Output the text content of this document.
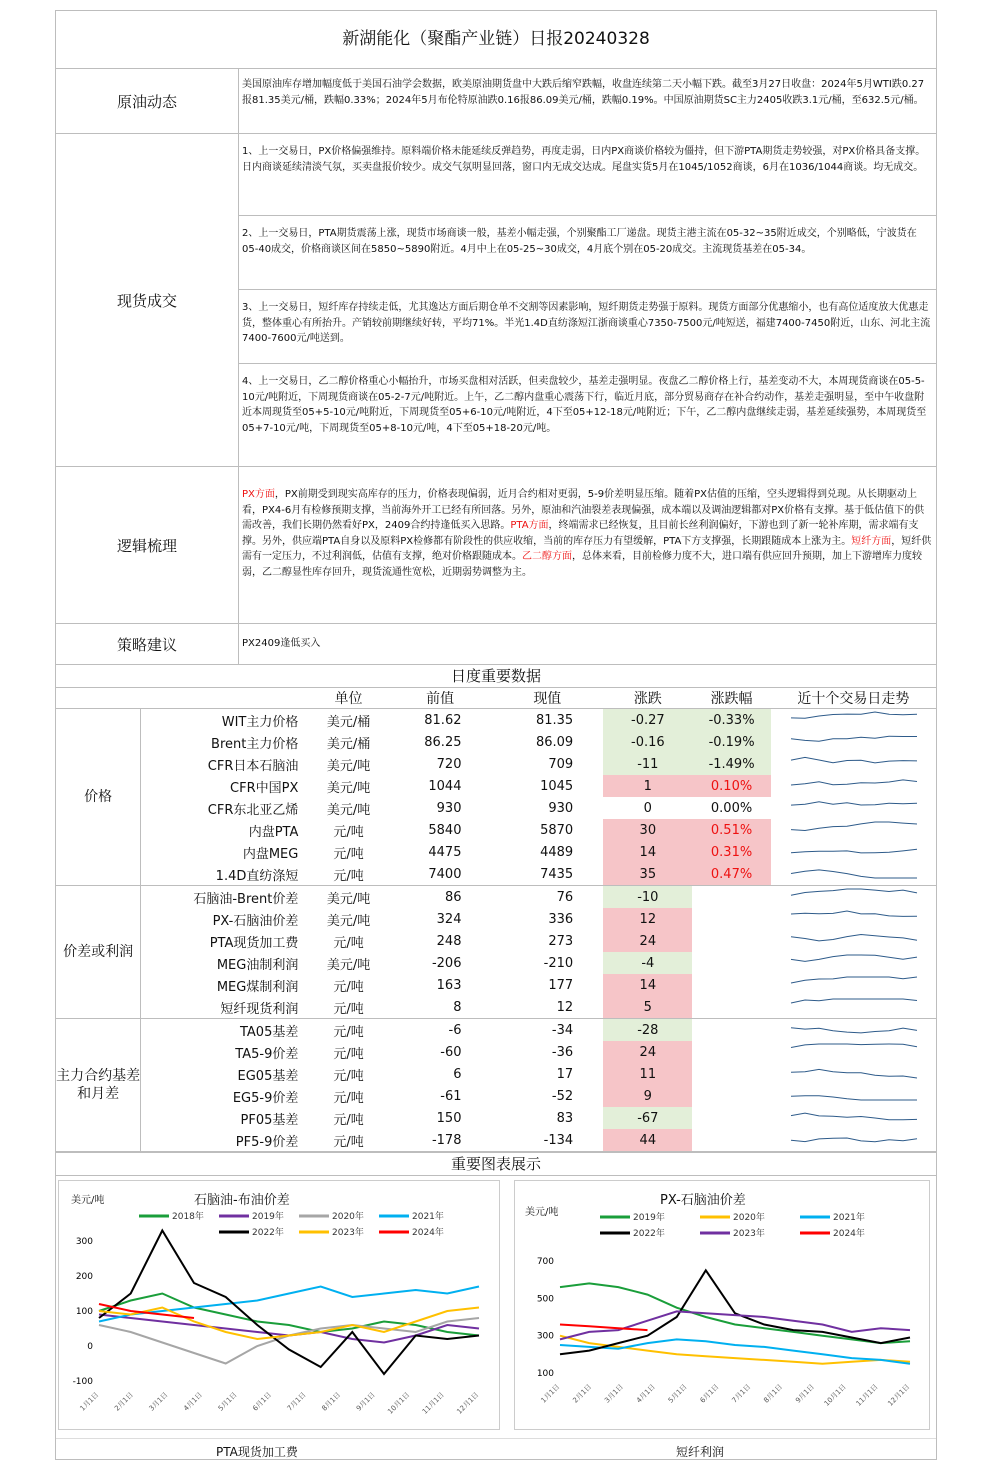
新湖能化（聚酯产业链）日报20240328
原油动态
美国原油库存增加幅度低于美国石油学会数据，欧美原油期货盘中大跌后缩窄跌幅，收盘连续第二天小幅下跌。截至3月27日收盘：2024年5月WTI跌0.27报81.35美元/桶，跌幅0.33%；2024年5月布伦特原油跌0.16报86.09美元/桶，跌幅0.19%。中国原油期货SC主力2405收跌3.1元/桶，至632.5元/桶。
现货成交
1、上一交易日，PX价格偏强维持。原料端价格未能延续反弹趋势，再度走弱，日内PX商谈价格较为僵持，但下游PTA期货走势较强，对PX价格具备支撑。日内商谈延续清淡气氛，买卖盘报价较少。成交气氛明显回落，窗口内无成交达成。尾盘实货5月在1045/1052商谈，6月在1036/1044商谈。均无成交。
2、上一交易日，PTA期货震荡上涨，现货市场商谈一般，基差小幅走强，个别聚酯工厂递盘。现货主港主流在05-32~35附近成交，个别略低，宁波货在05-40成交，价格商谈区间在5850~5890附近。4月中上在05-25~30成交，4月底个别在05-20成交。主流现货基差在05-34。
3、上一交易日，短纤库存持续走低，尤其逸达方面后期仓单不交割等因素影响，短纤期货走势强于原料。现货方面部分优惠缩小，也有高位适度放大优惠走货，整体重心有所抬升。产销较前期继续好转，平均71%。半光1.4D直纺涤短江浙商谈重心7350-7500元/吨短送，福建7400-7450附近，山东、河北主流7400-7600元/吨送到。
4、上一交易日，乙二醇价格重心小幅抬升，市场买盘相对活跃，但卖盘较少，基差走强明显。夜盘乙二醇价格上行，基差变动不大，本周现货商谈在05-5-10元/吨附近，下周现货商谈在05-2-7元/吨附近。上午，乙二醇内盘重心震荡下行，临近月底，部分贸易商存在补合约动作，基差走强明显，至中午收盘附近本周现货至05+5-10元/吨附近，下周现货至05+6-10元/吨附近，4下至05+12-18元/吨附近；下午，乙二醇内盘继续走弱，基差延续强势，本周现货至05+7-10元/吨，下周现货至05+8-10元/吨，4下至05+18-20元/吨。
逻辑梳理
PX方面，PX前期受到现实高库存的压力，价格表现偏弱，近月合约相对更弱，5-9价差明显压缩。随着PX估值的压缩，空头逻辑得到兑现。从长期驱动上看，PX4-6月有检修预期支撑，当前海外开工已经有所回落。另外，原油和汽油裂差表现偏强，成本端以及调油逻辑都对PX价格有支撑。基于低估值下的供需改善，我们长期仍然看好PX，2409合约持逢低买入思路。PTA方面，终端需求已经恢复，且目前长丝利润偏好，下游也到了新一轮补库期，需求端有支撑。另外，供应端PTA自身以及原料PX检修都有阶段性的供应收缩，当前的库存压力有望缓解，PTA下方支撑强，长期跟随成本上涨为主。短纤方面，短纤供需有一定压力，不过利润低，估值有支撑，绝对价格跟随成本。乙二醇方面，总体来看，目前检修力度不大，进口端有供应回升预期，加上下游增库力度较弱，乙二醇显性库存回升，现货流通性宽松，近期弱势调整为主。
策略建议	PX2409逢低买入
日度重要数据
		单位	前值	现值	涨跌	涨跌幅	近十个交易日走势
价格	WIT主力价格	美元/桶	81.62	81.35	-0.27	-0.33%	
	Brent主力价格	美元/桶	86.25	86.09	-0.16	-0.19%	
	CFR日本石脑油	美元/吨	720	709	-11	-1.49%	
	CFR中国PX	美元/吨	1044	1045	1	0.10%	
	CFR东北亚乙烯	美元/吨	930	930	0	0.00%	
	内盘PTA	元/吨	5840	5870	30	0.51%	
	内盘MEG	元/吨	4475	4489	14	0.31%	
	1.4D直纺涤短	元/吨	7400	7435	35	0.47%	
价差或利润	石脑油-Brent价差	美元/吨	86	76	-10		
	PX-石脑油价差	美元/吨	324	336	12		
	PTA现货加工费	元/吨	248	273	24		
	MEG油制利润	美元/吨	-206	-210	-4		
	MEG煤制利润	元/吨	163	177	14		
	短纤现货利润	元/吨	8	12	5		
主力合约基差和月差	TA05基差	元/吨	-6	-34	-28		
	TA5-9价差	元/吨	-60	-36	24		
	EG05基差	元/吨	6	17	11		
	EG5-9价差	元/吨	-61	-52	9		
	PF05基差	元/吨	150	83	-67		
	PF5-9价差	元/吨	-178	-134	44		
重要图表展示
美元/吨	石脑油-布油价差
300
200
100
0
-100
1月1日 2月1日 3月1日 4月1日 5月1日 6月1日 7月1日 8月1日 9月1日 10月1日 11月1日 12月1日
2018年	2019年	2020年	2021年
2022年	2023年	2024年
美元/吨
PX-石脑油价差
700
500
300
100
1月1日 2月1日 3月1日 4月1日 5月1日 6月1日 7月1日 8月1日 9月1日 10月1日 11月1日 12月1日
2019年	2020年	2021年
2022年	2023年	2024年
PTA现货加工费	短纤利润
